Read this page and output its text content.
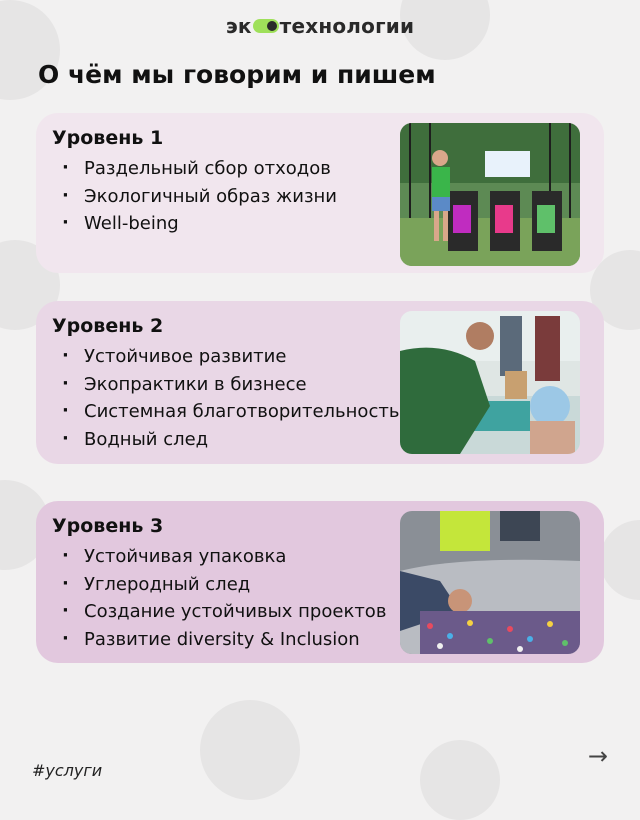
эк технологии
О чём мы говорим и пишем
Уровень 1
· Раздельный сбор отходов
· Экологичный образ жизни
· Well-being
Уровень 2
· Устойчивое развитие
· Экопрактики в бизнесе
· Системная благотворительность
· Водный след
Уровень 3
· Устойчивая упаковка
· Углеродный след
· Создание устойчивых проектов
· Развитие diversity & Inclusion
#услуги
→
